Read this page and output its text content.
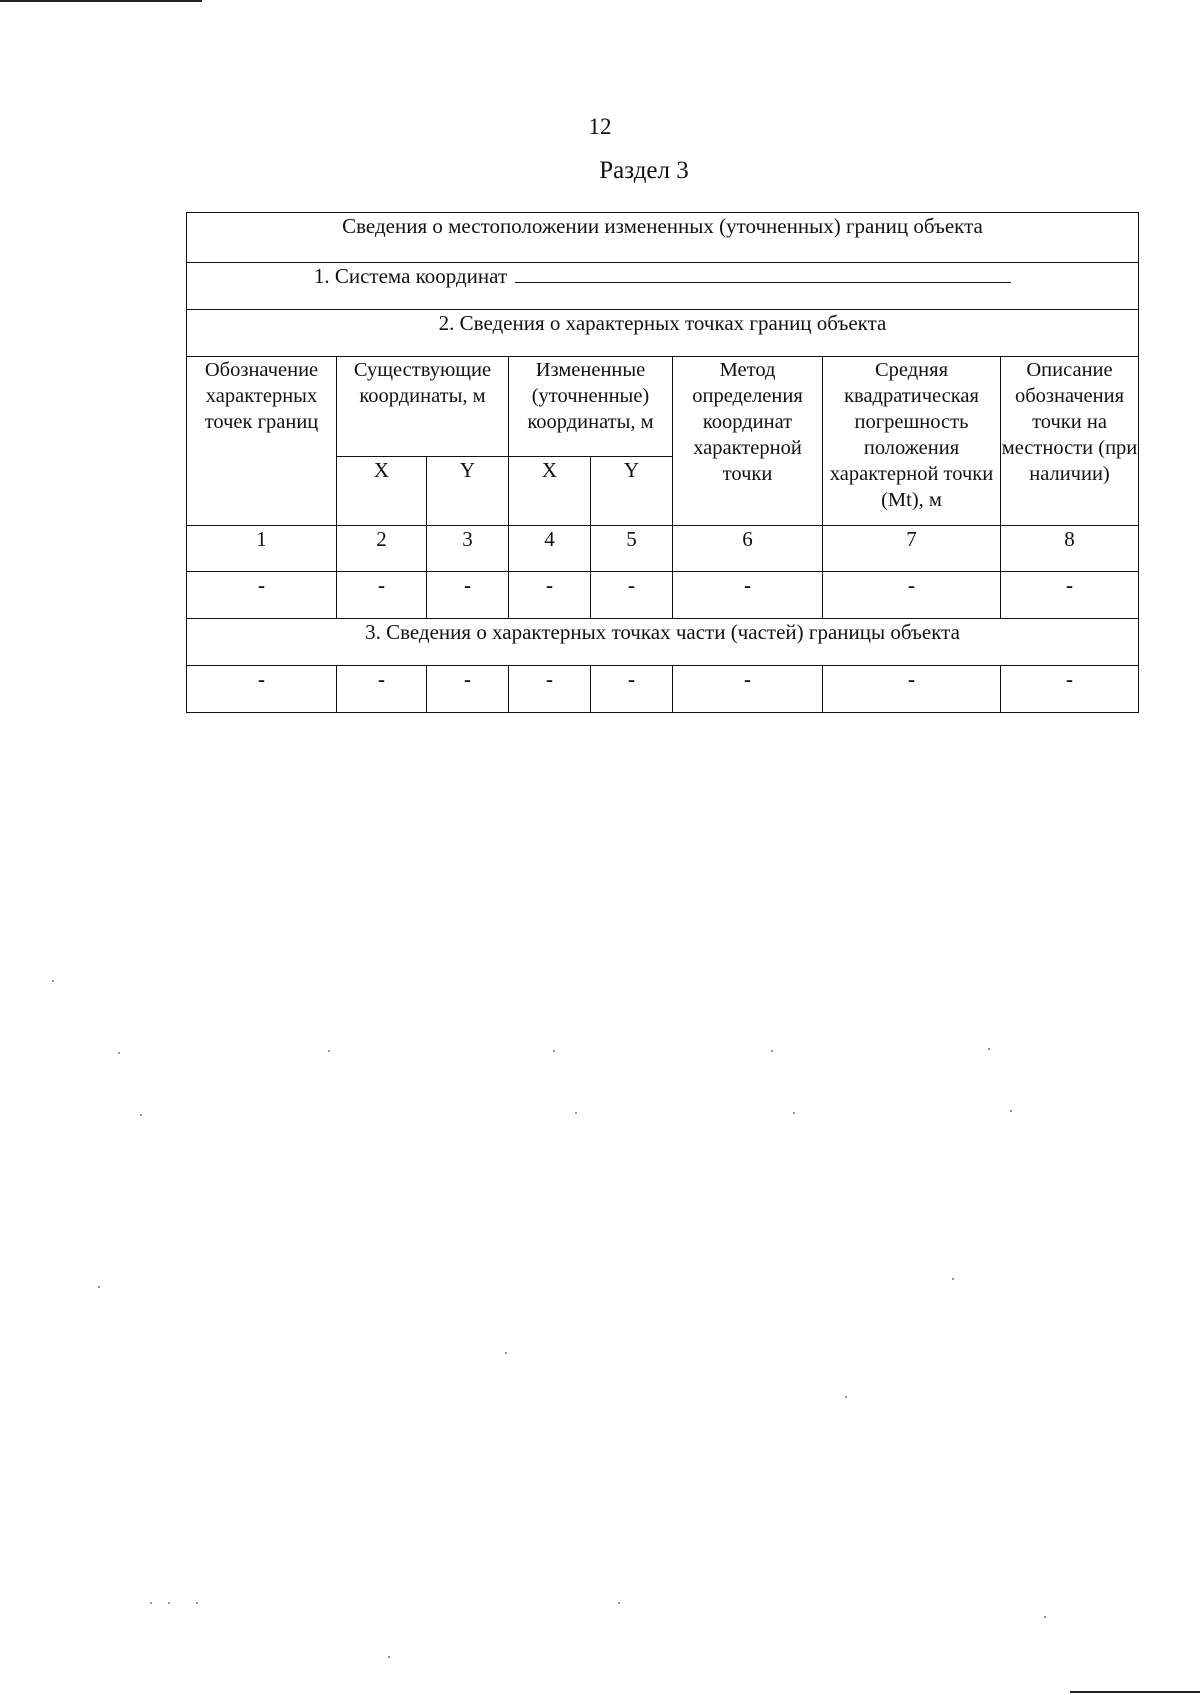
12
Раздел 3
Сведения о местоположении измененных (уточненных) границ объекта							
1. Система координат							
2. Сведения о характерных точках границ объекта							
Обозначение характерных точек границ	Существующие координаты, м		Измененные (уточненные) координаты, м		Метод определения координат характерной точки	Средняя квадратическая погрешность положения характерной точки (Mt), м	Описание обозначения точки на местности (при наличии)
	X	Y	X	Y			
1	2	3	4	5	6	7	8
-	-	-	-	-	-	-	-
3. Сведения о характерных точках части (частей) границы объекта							
-	-	-	-	-	-	-	-
